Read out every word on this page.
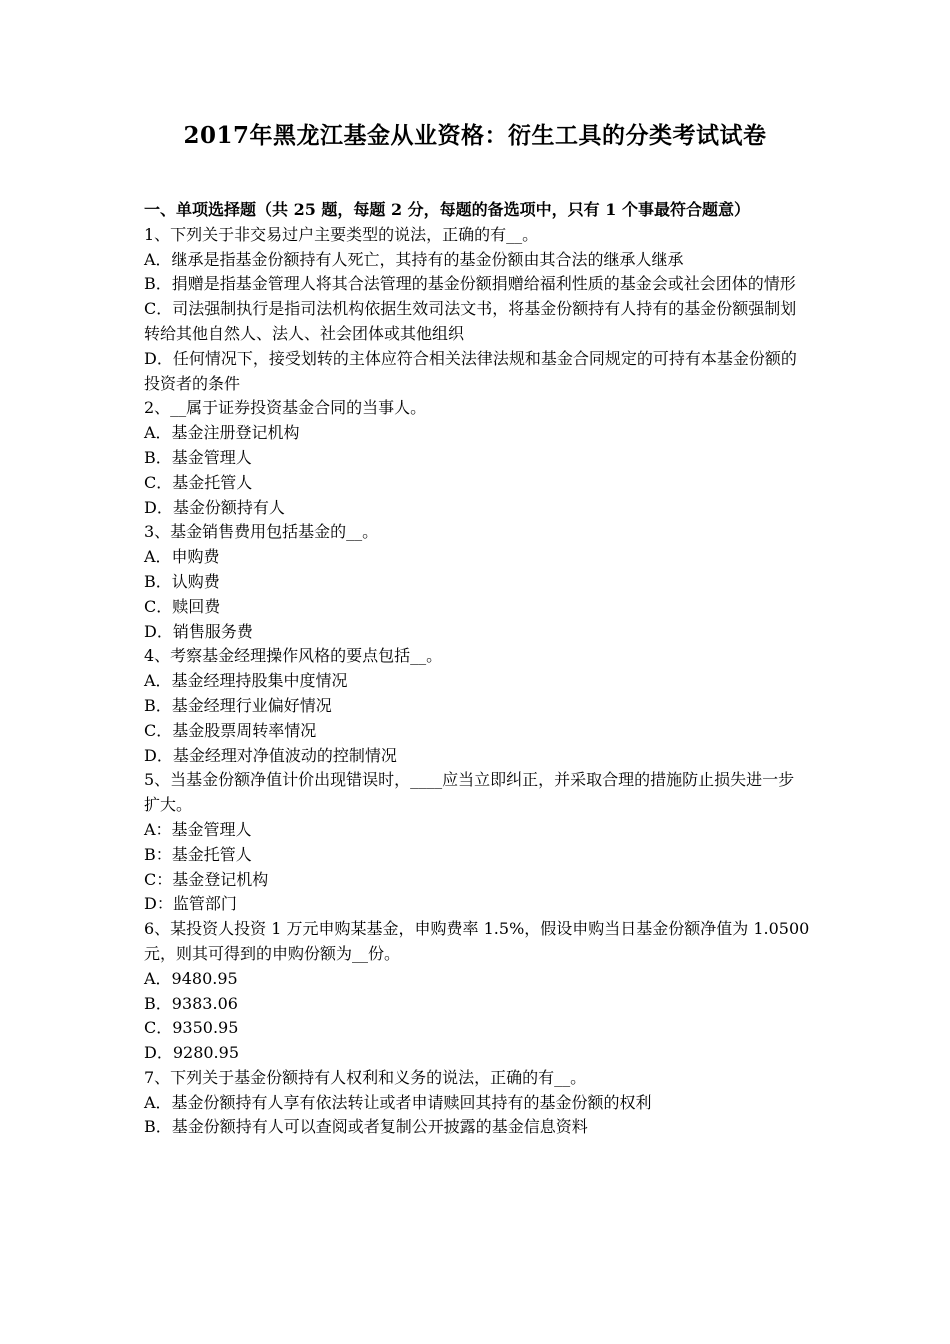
2017年黑龙江基金从业资格：衍生工具的分类考试试卷

一、单项选择题（共 25 题，每题 2 分，每题的备选项中，只有 1 个事最符合题意）

1、下列关于非交易过户主要类型的说法，正确的有__。

A．继承是指基金份额持有人死亡，其持有的基金份额由其合法的继承人继承

B．捐赠是指基金管理人将其合法管理的基金份额捐赠给福利性质的基金会或社会团体的情形

C．司法强制执行是指司法机构依据生效司法文书，将基金份额持有人持有的基金份额强制划转给其他自然人、法人、社会团体或其他组织

D．任何情况下，接受划转的主体应符合相关法律法规和基金合同规定的可持有本基金份额的投资者的条件

2、__属于证券投资基金合同的当事人。

A．基金注册登记机构

B．基金管理人

C．基金托管人

D．基金份额持有人

3、基金销售费用包括基金的__。

A．申购费

B．认购费

C．赎回费

D．销售服务费

4、考察基金经理操作风格的要点包括__。

A．基金经理持股集中度情况

B．基金经理行业偏好情况

C．基金股票周转率情况

D．基金经理对净值波动的控制情况

5、当基金份额净值计价出现错误时，____应当立即纠正，并采取合理的措施防止损失进一步扩大。

A：基金管理人

B：基金托管人

C：基金登记机构

D：监管部门

6、某投资人投资 1 万元申购某基金，申购费率 1.5%，假设申购当日基金份额净值为 1.0500 元，则其可得到的申购份额为__份。

A．9480.95

B．9383.06

C．9350.95

D．9280.95

7、下列关于基金份额持有人权利和义务的说法，正确的有__。

A．基金份额持有人享有依法转让或者申请赎回其持有的基金份额的权利

B．基金份额持有人可以查阅或者复制公开披露的基金信息资料
